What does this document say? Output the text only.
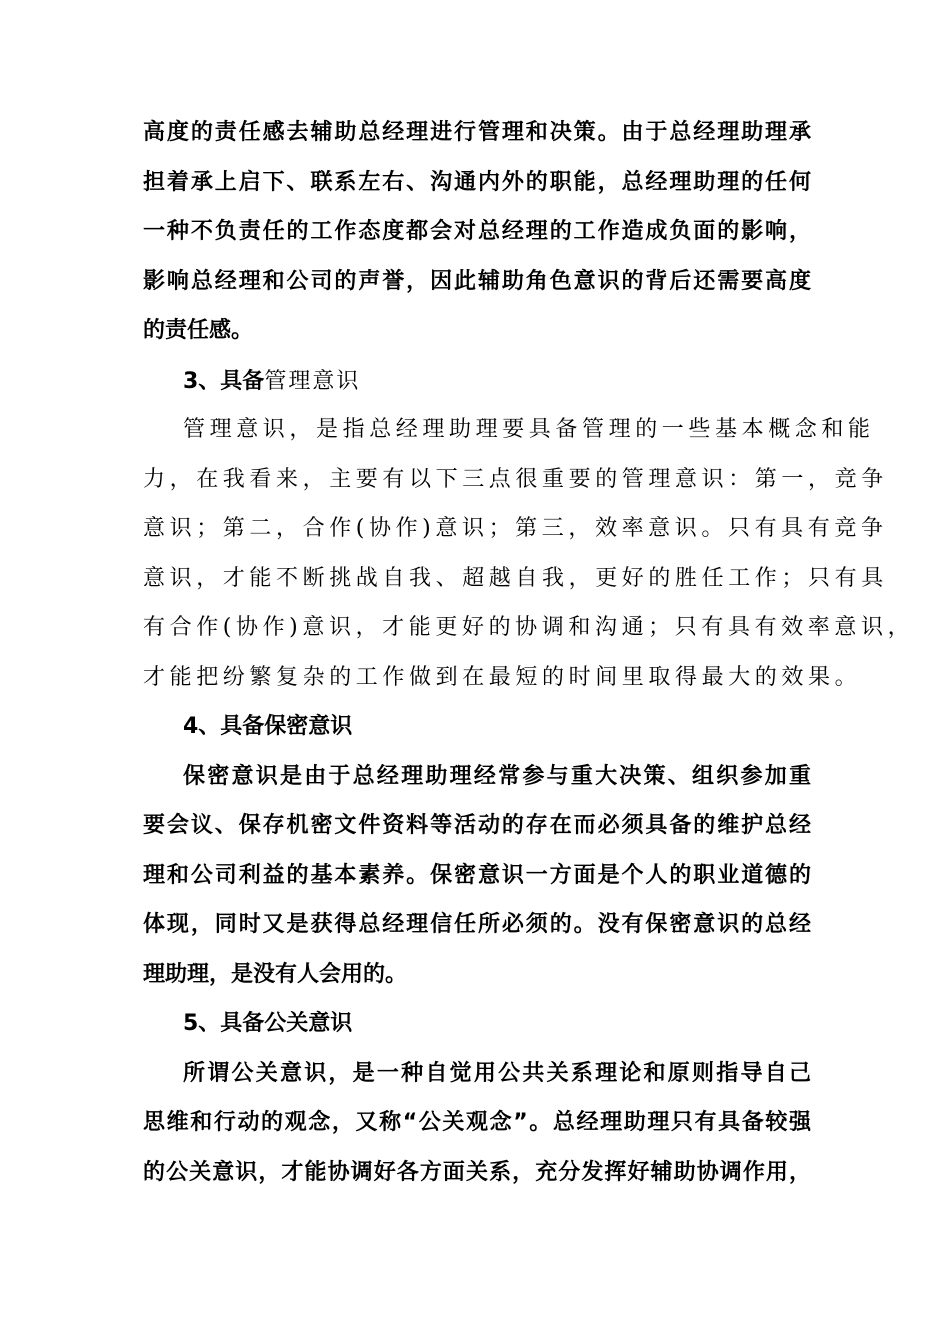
高度的责任感去辅助总经理进行管理和决策。由于总经理助理承
担着承上启下、联系左右、沟通内外的职能，总经理助理的任何
一种不负责任的工作态度都会对总经理的工作造成负面的影响，
影响总经理和公司的声誉，因此辅助角色意识的背后还需要高度
的责任感。
3、具备管理意识
管理意识，是指总经理助理要具备管理的一些基本概念和能
力，在我看来，主要有以下三点很重要的管理意识：第一，竞争
意识；第二，合作(协作)意识；第三，效率意识。只有具有竞争
意识，才能不断挑战自我、超越自我，更好的胜任工作；只有具
有合作(协作)意识，才能更好的协调和沟通；只有具有效率意识，
才能把纷繁复杂的工作做到在最短的时间里取得最大的效果。
4、具备保密意识
保密意识是由于总经理助理经常参与重大决策、组织参加重
要会议、保存机密文件资料等活动的存在而必须具备的维护总经
理和公司利益的基本素养。保密意识一方面是个人的职业道德的
体现，同时又是获得总经理信任所必须的。没有保密意识的总经
理助理，是没有人会用的。
5、具备公关意识
所谓公关意识，是一种自觉用公共关系理论和原则指导自己
思维和行动的观念，又称“公关观念”。总经理助理只有具备较强
的公关意识，才能协调好各方面关系，充分发挥好辅助协调作用，
